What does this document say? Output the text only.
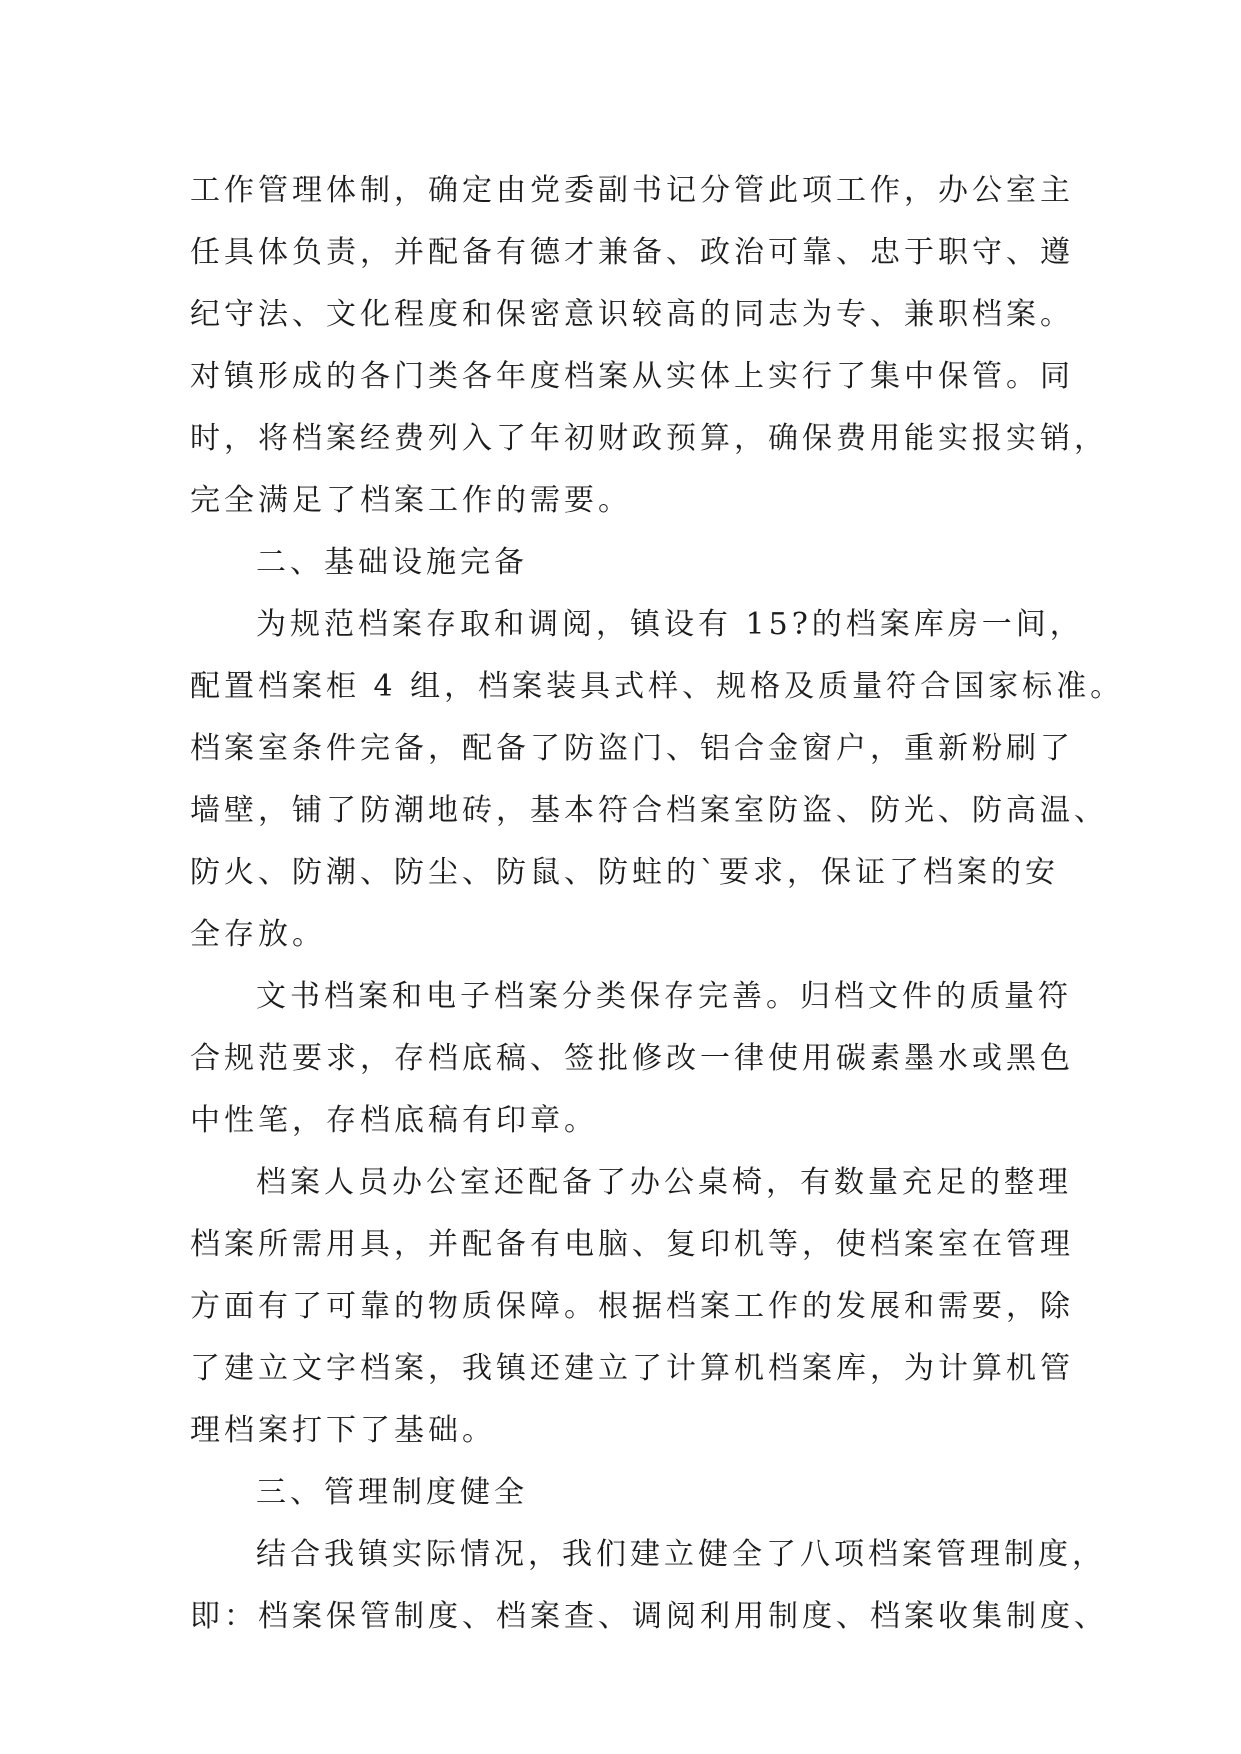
工作管理体制，确定由党委副书记分管此项工作，办公室主
任具体负责，并配备有德才兼备、政治可靠、忠于职守、遵
纪守法、文化程度和保密意识较高的同志为专、兼职档案。
对镇形成的各门类各年度档案从实体上实行了集中保管。同
时，将档案经费列入了年初财政预算，确保费用能实报实销，
完全满足了档案工作的需要。
二、基础设施完备
为规范档案存取和调阅，镇设有 15?的档案库房一间，
配置档案柜 4 组，档案装具式样、规格及质量符合国家标准。
档案室条件完备，配备了防盗门、铝合金窗户，重新粉刷了
墙壁，铺了防潮地砖，基本符合档案室防盗、防光、防高温、
防火、防潮、防尘、防鼠、防蛀的`要求，保证了档案的安
全存放。
文书档案和电子档案分类保存完善。归档文件的质量符
合规范要求，存档底稿、签批修改一律使用碳素墨水或黑色
中性笔，存档底稿有印章。
档案人员办公室还配备了办公桌椅，有数量充足的整理
档案所需用具，并配备有电脑、复印机等，使档案室在管理
方面有了可靠的物质保障。根据档案工作的发展和需要，除
了建立文字档案，我镇还建立了计算机档案库，为计算机管
理档案打下了基础。
三、管理制度健全
结合我镇实际情况，我们建立健全了八项档案管理制度，
即：档案保管制度、档案查、调阅利用制度、档案收集制度、
